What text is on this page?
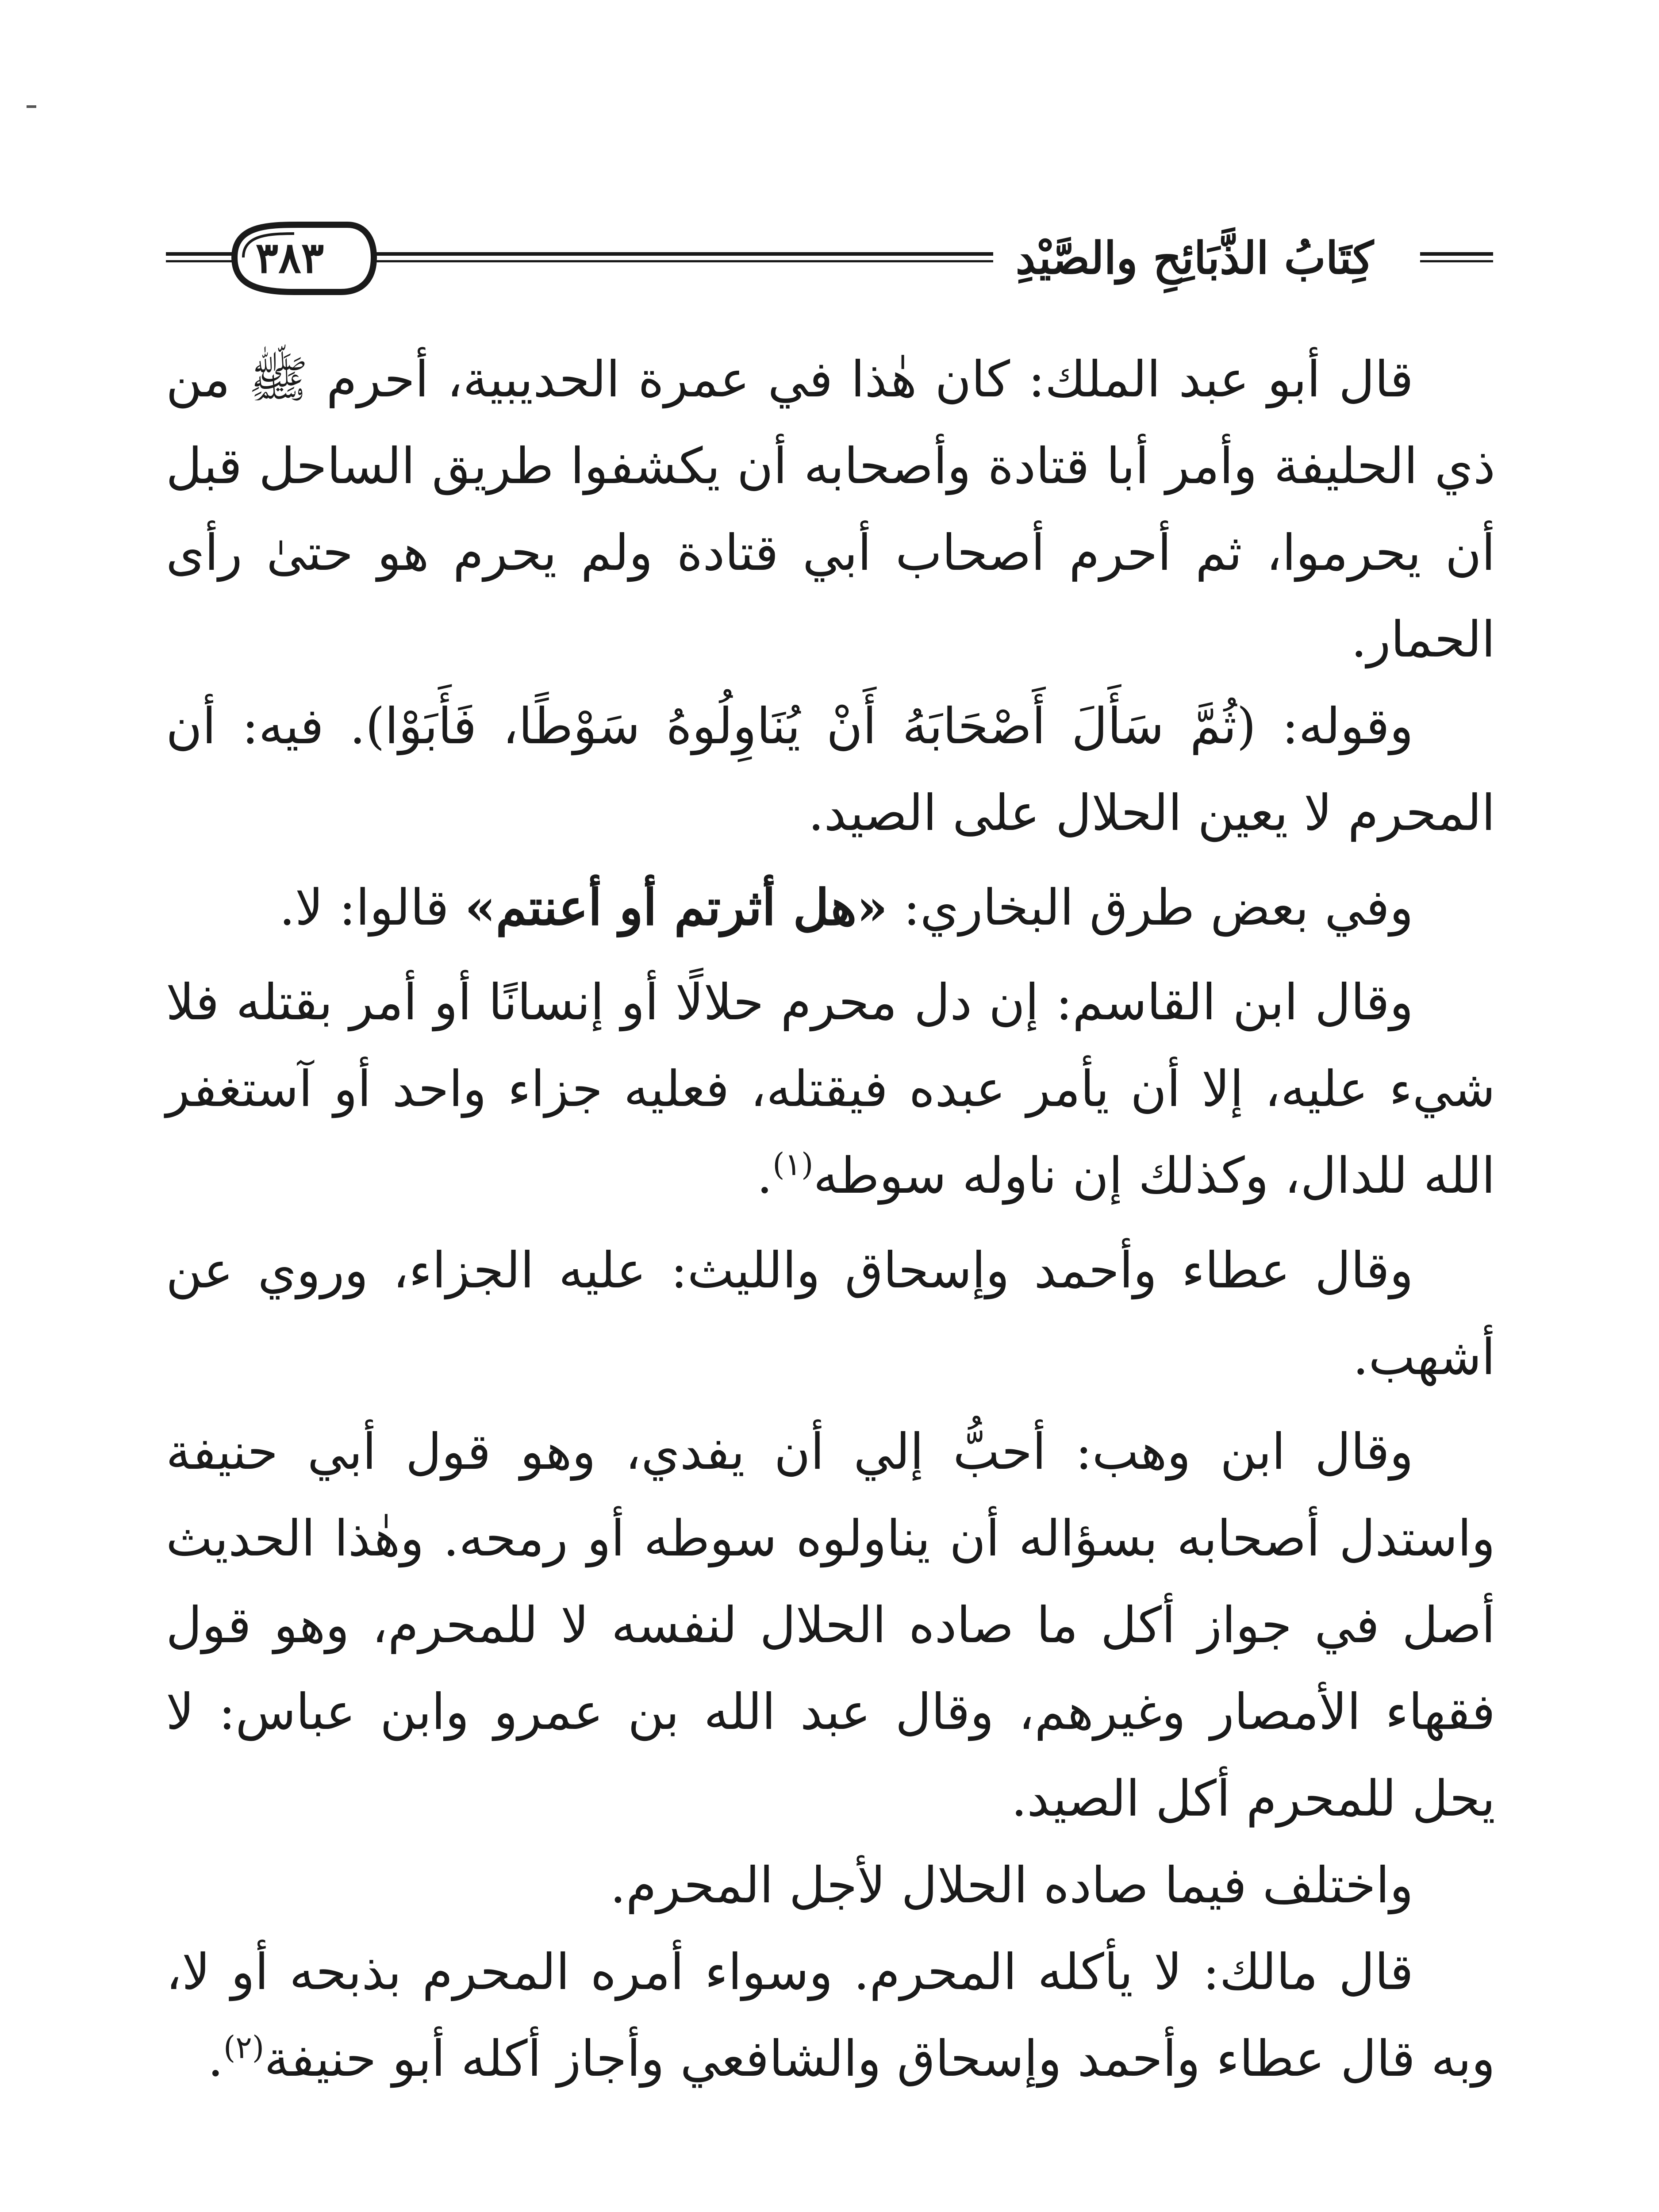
٣٨٣	كِتَابُ الذَّبَائِحِ والصَّيْدِ

قال أبو عبد الملك: كان هٰذا في عمرة الحديبية، أحرم ﷺ من ذي الحليفة وأمر أبا قتادة وأصحابه أن يكشفوا طريق الساحل قبل أن يحرموا، ثم أحرم أصحاب أبي قتادة ولم يحرم هو حتىٰ رأى الحمار.

وقوله: (ثُمَّ سَأَلَ أَصْحَابَهُ أَنْ يُنَاوِلُوهُ سَوْطًا، فَأَبَوْا). فيه: أن المحرم لا يعين الحلال على الصيد.

وفي بعض طرق البخاري: «هل أثرتم أو أعنتم» قالوا: لا.

وقال ابن القاسم: إن دل محرم حلالًا أو إنسانًا أو أمر بقتله فلا شيء عليه، إلا أن يأمر عبده فيقتله، فعليه جزاء واحد أو آستغفر الله للدال، وكذلك إن ناوله سوطه$^{(١)}$.

وقال عطاء وأحمد وإسحاق والليث: عليه الجزاء، وروي عن أشهب.

وقال ابن وهب: أحبُّ إلي أن يفدي، وهو قول أبي حنيفة واستدل أصحابه بسؤاله أن يناولوه سوطه أو رمحه. وهٰذا الحديث أصل في جواز أكل ما صاده الحلال لنفسه لا للمحرم، وهو قول فقهاء الأمصار وغيرهم، وقال عبد الله بن عمرو وابن عباس: لا يحل للمحرم أكل الصيد.

واختلف فيما صاده الحلال لأجل المحرم.

قال مالك: لا يأكله المحرم. وسواء أمره المحرم بذبحه أو لا، وبه قال عطاء وأحمد وإسحاق والشافعي وأجاز أكله أبو حنيفة$^{(٢)}$.
